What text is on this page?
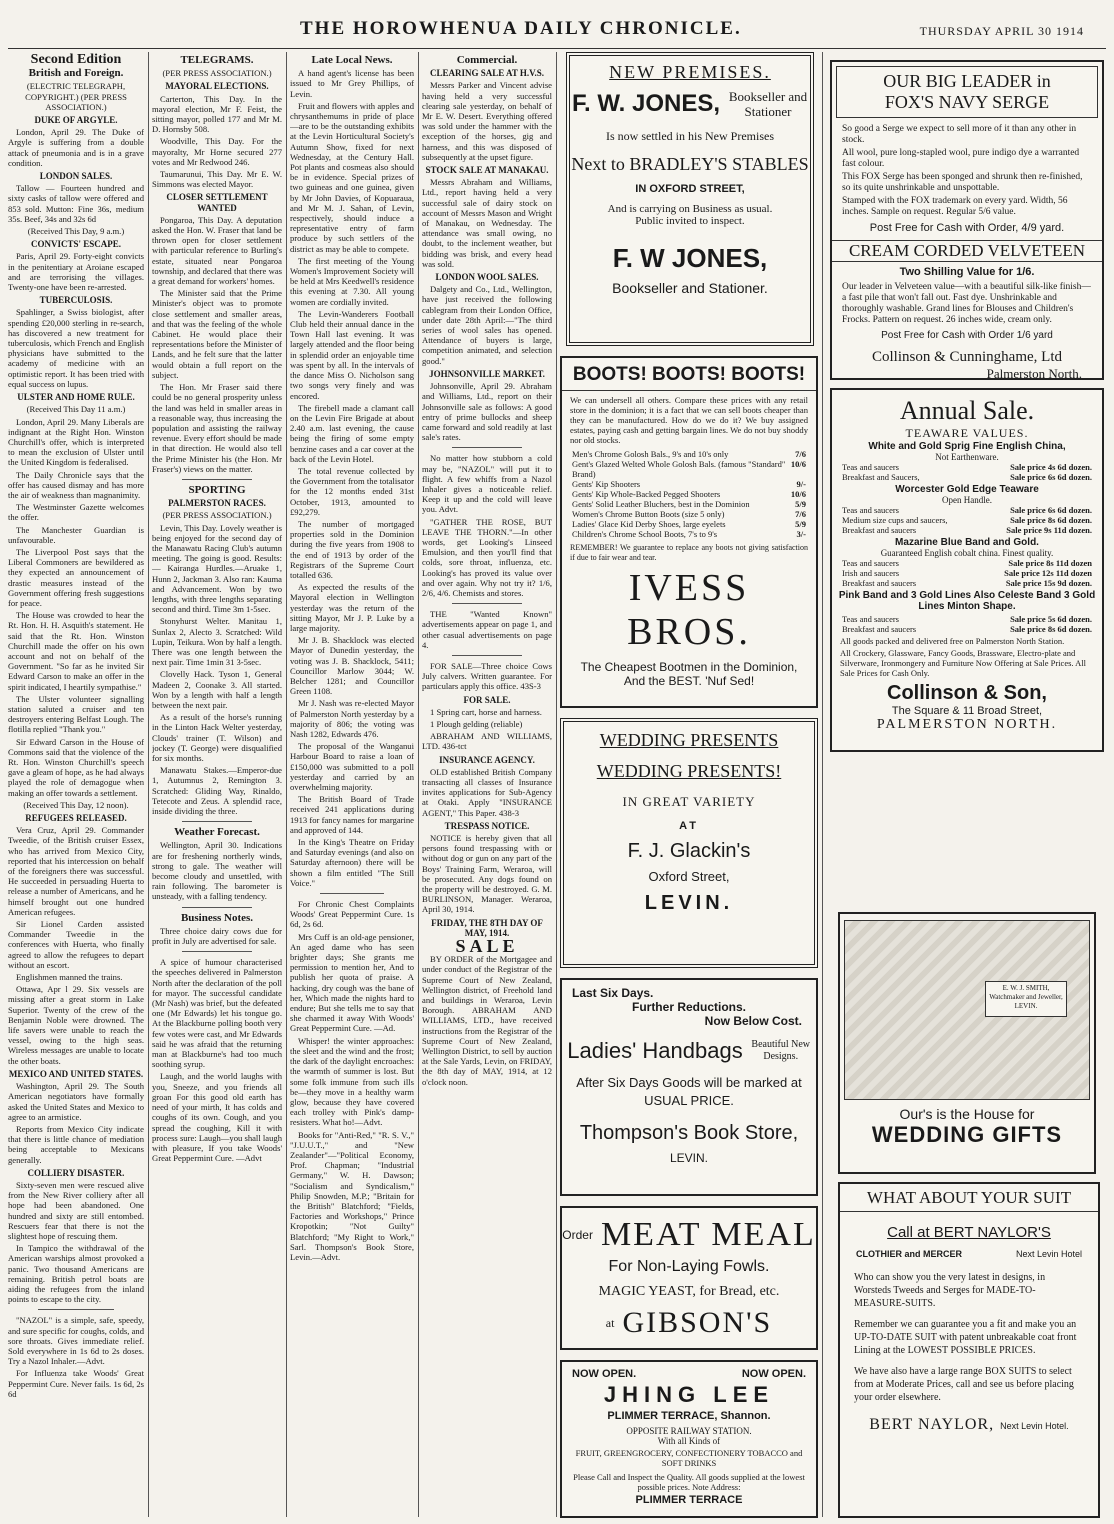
THE HOROWHENUA DAILY CHRONICLE.	THURSDAY APRIL 30 1914
Second Edition
British and Foreign.
(ELECTRIC TELEGRAPH, COPYRIGHT.) (PER PRESS ASSOCIATION.)
DUKE OF ARGYLE.

London, April 29. The Duke of Argyle is suffering from a double attack of pneumonia and is in a grave condition.

LONDON SALES.

Tallow — Fourteen hundred and sixty casks of tallow were offered and 853 sold. Mutton: Fine 36s, medium 35s. Beef, 34s and 32s 6d

(Received This Day, 9 a.m.)
CONVICTS' ESCAPE.

Paris, April 29. Forty-eight convicts in the penitentiary at Aroiane escaped and are terrorising the villages. Twenty-one have been re-arrested.

TUBERCULOSIS.

Spahlinger, a Swiss biologist, after spending £20,000 sterling in re-search, has discovered a new treatment for tuberculosis, which French and English physicians have submitted to the academy of medicine with an optimistic report. It has been tried with equal success on lupus.

ULSTER AND HOME RULE.
(Received This Day 11 a.m.)

London, April 29. Many Liberals are indignant at the Right Hon. Winston Churchill's offer, which is interpreted to mean the exclusion of Ulster until the United Kingdom is federalised.

The Daily Chronicle says that the offer has caused dismay and has more the air of weakness than magnanimity.

The Westminster Gazette welcomes the offer.

The Manchester Guardian is unfavourable.

The Liverpool Post says that the Liberal Commoners are bewildered as they expected an announcement of drastic measures instead of the Government offering fresh suggestions for peace.

The House was crowded to hear the Rt. Hon. H. H. Asquith's statement. He said that the Rt. Hon. Winston Churchill made the offer on his own account and not on behalf of the Government. "So far as he invited Sir Edward Carson to make an offer in the spirit indicated, I heartily sympathise."

The Ulster volunteer signalling station saluted a cruiser and ten destroyers entering Belfast Lough. The flotilla replied "Thank you."

Sir Edward Carson in the House of Commons said that the violence of the Rt. Hon. Winston Churchill's speech gave a gleam of hope, as he had always played the role of demagogue when making an offer towards a settlement.

(Received This Day, 12 noon).
REFUGEES RELEASED.

Vera Cruz, April 29. Commander Tweedie, of the British cruiser Essex, who has arrived from Mexico City, reported that his intercession on behalf of the foreigners there was successful. He succeeded in persuading Huerta to release a number of Americans, and he himself brought out one hundred American refugees.

Sir Lionel Carden assisted Commander Tweedie in the conferences with Huerta, who finally agreed to allow the refugees to depart without an escort.

Englishmen manned the trains.

Ottawa, Apr l 29. Six vessels are missing after a great storm in Lake Superior. Twenty of the crew of the Benjamin Noble were drowned. The life savers were unable to reach the vessel, owing to the high seas. Wireless messages are unable to locate the other boats.

MEXICO AND UNITED STATES.

Washington, April 29. The South American negotiators have formally asked the United States and Mexico to agree to an armistice.

Reports from Mexico City indicate that there is little chance of mediation being acceptable to Mexicans generally.

COLLIERY DISASTER.

Sixty-seven men were rescued alive from the New River colliery after all hope had been abandoned. One hundred and sixty are still entombed. Rescuers fear that there is not the slightest hope of rescuing them.

In Tampico the withdrawal of the American warships almost provoked a panic. Two thousand Americans are remaining. British petrol boats are aiding the refugees from the inland points to escape to the city.

"NAZOL" is a simple, safe, speedy, and sure specific for coughs, colds, and sore throats. Gives immediate relief. Sold everywhere in 1s 6d to 2s doses. Try a Nazol Inhaler.—Advt.

For Influenza take Woods' Great Peppermint Cure. Never fails. 1s 6d, 2s 6d

TELEGRAMS.
(PER PRESS ASSOCIATION.)
MAYORAL ELECTIONS.

Carterton, This Day. In the mayoral election, Mr F. Feist, the sitting mayor, polled 177 and Mr M. D. Hornsby 508.

Woodville, This Day. For the mayoralty, Mr Horne secured 277 votes and Mr Redwood 246.

Taumarunui, This Day. Mr E. W. Simmons was elected Mayor.

CLOSER SETTLEMENT WANTED

Pongaroa, This Day. A deputation asked the Hon. W. Fraser that land be thrown open for closer settlement with particular reference to Burling's estate, situated near Pongaroa township, and declared that there was a great demand for workers' homes.

The Minister said that the Prime Minister's object was to promote close settlement and smaller areas, and that was the feeling of the whole Cabinet. He would place their representations before the Minister of Lands, and he felt sure that the latter would obtain a full report on the subject.

The Hon. Mr Fraser said there could be no general prosperity unless the land was held in smaller areas in a reasonable way, thus increasing the population and assisting the railway revenue. Every effort should be made in that direction. He would also tell the Prime Minister his (the Hon. Mr Fraser's) views on the matter.

SPORTING
PALMERSTON RACES.
(PER PRESS ASSOCIATION.)

Levin, This Day. Lovely weather is being enjoyed for the second day of the Manawatu Racing Club's autumn meeting. The going is good. Results:— Kairanga Hurdles.—Aruake 1, Hunn 2, Jackman 3. Also ran: Kauma and Advancement. Won by two lengths, with three lengths separating second and third. Time 3m 1-5sec.

Stonyhurst Welter. Manitau 1, Sunlax 2, Alecto 3. Scratched: Wild Lupin, Teikura. Won by half a length. There was one length between the next pair. Time 1min 31 3-5sec.

Clovelly Hack. Tyson 1, General Madeen 2, Coonake 3. All started. Won by a length with half a length between the next pair.

As a result of the horse's running in the Linton Hack Welter yesterday, Clouds' trainer (T. Wilson) and jockey (T. George) were disqualified for six months.

Manawatu Stakes.—Emperor-due 1, Autumnus 2, Remington 3. Scratched: Gliding Way, Rinaldo, Tetecote and Zeus. A splendid race, inside dividing the three.

Weather Forecast.

Wellington, April 30. Indications are for freshening northerly winds, strong to gale. The weather will become cloudy and unsettled, with rain following. The barometer is unsteady, with a falling tendency.

Business Notes.

Three choice dairy cows due for profit in July are advertised for sale.

A spice of humour characterised the speeches delivered in Palmerston North after the declaration of the poll for mayor. The successful candidate (Mr Nash) was brief, but the defeated one (Mr Edwards) let his tongue go. At the Blackburne polling booth very few votes were cast, and Mr Edwards said he was afraid that the returning man at Blackburne's had too much soothing syrup.

Laugh, and the world laughs with you, Sneeze, and you friends all groan For this good old earth has need of your mirth, It has colds and coughs of its own. Cough, and you spread the coughing, Kill it with process sure: Laugh—you shall laugh with pleasure, If you take Woods' Great Peppermint Cure. —Advt

Late Local News.

A hand agent's license has been issued to Mr Grey Phillips, of Levin.

Fruit and flowers with apples and chrysanthemums in pride of place—are to be the outstanding exhibits at the Levin Horticultural Society's Autumn Show, fixed for next Wednesday, at the Century Hall. Pot plants and cosmeas also should be in evidence. Special prizes of two guineas and one guinea, given by Mr John Davies, of Kopuaraua, and Mr M. J. Sahan, of Levin, respectively, should induce a representative entry of farm produce by such settlers of the district as may be able to compete.

The first meeting of the Young Women's Improvement Society will be held at Mrs Keedwell's residence this evening at 7.30. All young women are cordially invited.

The Levin-Wanderers Football Club held their annual dance in the Town Hall last evening. It was largely attended and the floor being in splendid order an enjoyable time was spent by all. In the intervals of the dance Miss O. Nicholson sang two songs very finely and was encored.

The firebell made a clamant call on the Levin Fire Brigade at about 2.40 a.m. last evening, the cause being the firing of some empty benzine cases and a car cover at the back of the Levin Hotel.

The total revenue collected by the Government from the totalisator for the 12 months ended 31st October, 1913, amounted to £92,279.

The number of mortgaged properties sold in the Dominion during the five years from 1908 to the end of 1913 by order of the Registrars of the Supreme Court totalled 636.

As expected the results of the Mayoral election in Wellington yesterday was the return of the sitting Mayor, Mr J. P. Luke by a large majority.

Mr J. B. Shacklock was elected Mayor of Dunedin yesterday, the voting was J. B. Shacklock, 5411; Councillor Marlow 3044; W. Belcher 1281; and Councillor Green 1108.

Mr J. Nash was re-elected Mayor of Palmerston North yesterday by a majority of 806; the voting was Nash 1282, Edwards 476.

The proposal of the Wanganui Harbour Board to raise a loan of £150,000 was submitted to a poll yesterday and carried by an overwhelming majority.

The British Board of Trade received 241 applications during 1913 for fancy names for margarine and approved of 144.

In the King's Theatre on Friday and Saturday evenings (and also on Saturday afternoon) there will be shown a film entitled "The Still Voice."

For Chronic Chest Complaints Woods' Great Peppermint Cure. 1s 6d, 2s 6d.

Mrs Cuff is an old-age pensioner, An aged dame who has seen brighter days; She grants me permission to mention her, And to publish her quota of praise. A hacking, dry cough was the bane of her, Which made the nights hard to endure; But she tells me to say that she charmed it away With Woods' Great Peppermint Cure. —Ad.

Whisper! the winter approaches: the sleet and the wind and the frost; the dark of the daylight encroaches: the warmth of summer is lost. But some folk immune from such ills be—they move in a healthy warm glow, because they have covered each trolley with Pink's damp-resisters. What ho!—Advt.

Books for "Anti-Red," "R. S. V.," "J.U.U.T.," and "New Zealander"—"Political Economy, Prof. Chapman; "Industrial Germany," W. H. Dawson; "Socialism and Syndicalism," Philip Snowden, M.P.; "Britain for the British" Blatchford; "Fields, Factories and Workshops," Prince Kropotkin; "Not Guilty" Blatchford; "My Right to Work," Sarl. Thompson's Book Store, Levin.—Advt.

Commercial.
CLEARING SALE AT H.V.S.

Messrs Parker and Vincent advise having held a very successful clearing sale yesterday, on behalf of Mr E. W. Desert. Everything offered was sold under the hammer with the exception of the horses, gig and harness, and this was disposed of subsequently at the upset figure.

STOCK SALE AT MANAKAU.

Messrs Abraham and Williams, Ltd., report having held a very successful sale of dairy stock on account of Messrs Mason and Wright of Manakau, on Wednesday. The attendance was small owing, no doubt, to the inclement weather, but bidding was brisk, and every head was sold.

LONDON WOOL SALES.

Dalgety and Co., Ltd., Wellington, have just received the following cablegram from their London Office, under date 28th April:—"The third series of wool sales has opened. Attendance of buyers is large, competition animated, and selection good."

JOHNSONVILLE MARKET.

Johnsonville, April 29. Abraham and Williams, Ltd., report on their Johnsonville sale as follows: A good entry of prime bullocks and sheep came forward and sold readily at last sale's rates.

No matter how stubborn a cold may be, "NAZOL" will put it to flight. A few whiffs from a Nazol Inhaler gives a noticeable relief. Keep it up and the cold will leave you. Advt.

"GATHER THE ROSE, BUT LEAVE THE THORN."—In other words, get Looking's Linseed Emulsion, and then you'll find that colds, sore throat, influenza, etc. Looking's has proved its value over and over again. Why not try it? 1/6, 2/6, 4/6. Chemists and stores.

THE "Wanted Known" advertisements appear on page 1, and other casual advertisements on page 4.

FOR SALE—Three choice Cows July calvers. Written guarantee. For particulars apply this office. 43S-3

FOR SALE.

1 Spring cart, horse and harness.

1 Plough gelding (reliable)

ABRAHAM AND WILLIAMS, LTD. 436-tct

INSURANCE AGENCY.

OLD established British Company transacting all classes of Insurance invites applications for Sub-Agency at Otaki. Apply "INSURANCE AGENT," This Paper. 438-3

TRESPASS NOTICE.

NOTICE is hereby given that all persons found trespassing with or without dog or gun on any part of the Boys' Training Farm, Weraroa, will be prosecuted. Any dogs found on the property will be destroyed. G. M. BURLINSON, Manager. Weraroa, April 30, 1914.

FRIDAY, THE 8TH DAY OF MAY, 1914.
SALE

BY ORDER of the Mortgagee and under conduct of the Registrar of the Supreme Court of New Zealand, Wellington district, of Freehold land and buildings in Weraroa, Levin Borough. ABRAHAM AND WILLIAMS, LTD., have received instructions from the Registrar of the Supreme Court of New Zealand, Wellington District, to sell by auction at the Sale Yards, Levin, on FRIDAY, the 8th day of MAY, 1914, at 12 o'clock noon.

NEW PREMISES.
F. W. JONES, Bookseller and Stationer
Is now settled in his New Premises
Next to BRADLEY'S STABLES
IN OXFORD STREET,
And is carrying on Business as usual.
Public invited to inspect.
F. W JONES,
Bookseller and Stationer.
BOOTS! BOOTS! BOOTS!

We can undersell all others. Compare these prices with any retail store in the dominion; it is a fact that we can sell boots cheaper than they can be manufactured. How do we do it? We buy assigned estates, paying cash and getting bargain lines. We do not buy shoddy nor old stocks.

Men's Chrome Golosh Bals., 9's and 10's only	7/6
Gent's Glazed Welted Whole Golosh Bals. (famous "Standard" Brand)
10/6
Gents' Kip Shooters	9/-
Gents' Kip Whole-Backed Pegged Shooters	10/6
Gents' Solid Leather Bluchers, best in the Dominion	5/9
Women's Chrome Button Boots (size 5 only)	7/6
Ladies' Glace Kid Derby Shoes, large eyelets	5/9
Children's Chrome School Boots, 7's to 9's	3/-

REMEMBER! We guarantee to replace any boots not giving satisfaction if due to fair wear and tear.

IVESS BROS.
The Cheapest Bootmen in the Dominion,
And the BEST. 'Nuf Sed!
WEDDING PRESENTS
WEDDING PRESENTS!
IN GREAT VARIETY
AT
F. J. Glackin's
Oxford Street,
LEVIN.
Last Six Days.
Further Reductions.
Now Below Cost.
Ladies' Handbags Beautiful New Designs.
After Six Days Goods will be marked at USUAL PRICE.
Thompson's Book Store,
LEVIN.
Order MEAT MEAL
For Non-Laying Fowls.
MAGIC YEAST, for Bread, etc.
at GIBSON'S
NOW OPEN.	NOW OPEN.
JHING LEE
PLIMMER TERRACE, Shannon.
OPPOSITE RAILWAY STATION.
With all Kinds of
FRUIT, GREENGROCERY, CONFECTIONERY TOBACCO and SOFT DRINKS
Please Call and Inspect the Quality. All goods supplied at the lowest possible prices. Note Address:
PLIMMER TERRACE
OUR BIG LEADER in
FOX'S NAVY SERGE

So good a Serge we expect to sell more of it than any other in stock.

All wool, pure long-stapled wool, pure indigo dye a warranted fast colour.

This FOX Serge has been sponged and shrunk then re-finished, so its quite unshrinkable and unspottable.

Stamped with the FOX trademark on every yard. Width, 56 inches. Sample on request. Regular 5/6 value.

Post Free for Cash with Order, 4/9 yard.
CREAM CORDED VELVETEEN
Two Shilling Value for 1/6.

Our leader in Velveteen value—with a beautiful silk-like finish—a fast pile that won't fall out. Fast dye. Unshrinkable and thoroughly washable. Grand lines for Blouses and Children's Frocks. Pattern on request. 26 inches wide, cream only.

Post Free for Cash with Order 1/6 yard
Collinson & Cunninghame, Ltd
Palmerston North.
Annual Sale.
TEAWARE VALUES.
White and Gold Sprig Fine English China,
Not Earthenware.
Teas and saucers	Sale price 4s 6d dozen.
Breakfast and Saucers,	Sale price 6s 6d dozen.
Worcester Gold Edge Teaware
Open Handle.
Teas and saucers	Sale price 6s 6d dozen.
Medium size cups and saucers,	Sale price 8s 6d dozen.
Breakfast and saucers	Sale price 9s 11d dozen.
Mazarine Blue Band and Gold.
Guaranteed English cobalt china. Finest quality.
Teas and saucers	Sale price 8s 11d dozen
Irish and saucers	Sale price 12s 11d dozen
Breakfast and saucers	Sale price 15s 9d dozen.
Pink Band and 3 Gold Lines Also Celeste Band 3 Gold Lines Minton Shape.
Teas and saucers	Sale price 5s 6d dozen.
Breakfast and saucers	Sale price 8s 6d dozen.
All goods packed and delivered free on Palmerston North Station.
All Crockery, Glassware, Fancy Goods, Brassware, Electro-plate and Silverware, Ironmongery and Furniture Now Offering at Sale Prices. All Sale Prices for Cash Only.
Collinson & Son,
The Square & 11 Broad Street,
PALMERSTON NORTH.
E. W. J. SMITH,
Watchmaker and Jeweller,
LEVIN.
Our's is the House for
WEDDING GIFTS
WHAT ABOUT YOUR SUIT
Call at BERT NAYLOR'S
CLOTHIER and MERCER	Next Levin Hotel

Who can show you the very latest in designs, in Worsteds Tweeds and Serges for MADE-TO-MEASURE-SUITS.

Remember we can guarantee you a fit and make you an UP-TO-DATE SUIT with patent unbreakable coat front Lining at the LOWEST POSSIBLE PRICES.

We have also have a large range BOX SUITS to select from at Moderate Prices, call and see us before placing your order elsewhere.

BERT NAYLOR, Next Levin Hotel.
